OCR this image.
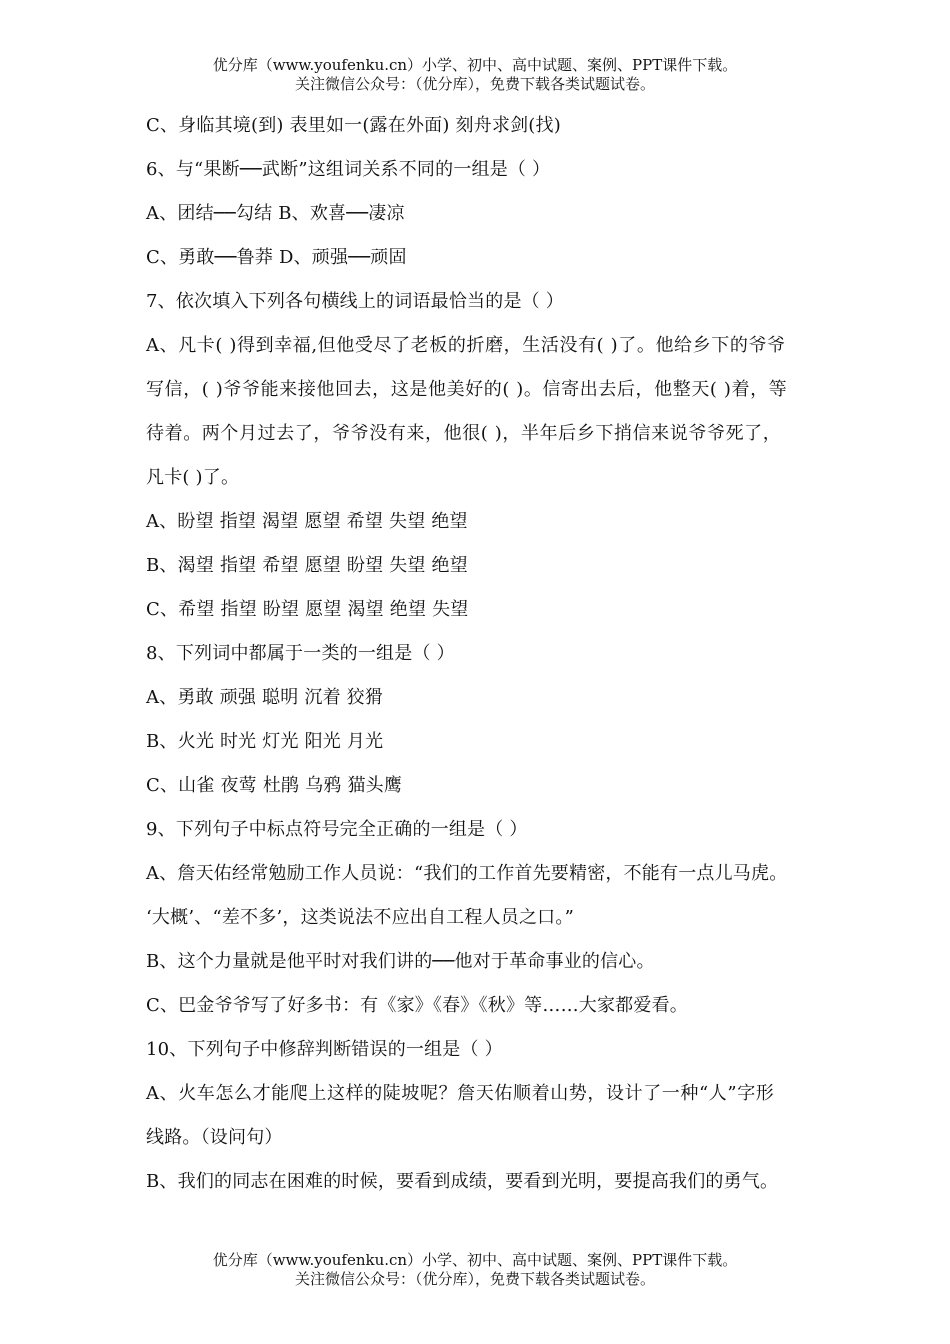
优分库（www.youfenku.cn）小学、初中、高中试题、案例、PPT课件下载。
关注微信公众号：（优分库），免费下载各类试题试卷。
C、身临其境(到) 表里如一(露在外面) 刻舟求剑(找)
6、与“果断──武断”这组词关系不同的一组是（ ）
A、团结──勾结 B、欢喜──凄凉
C、勇敢──鲁莽 D、顽强──顽固
7、依次填入下列各句横线上的词语最恰当的是（ ）
A、凡卡( )得到幸福,但他受尽了老板的折磨，生活没有( )了。他给乡下的爷爷
写信，( )爷爷能来接他回去，这是他美好的( )。信寄出去后，他整天( )着，等
待着。两个月过去了，爷爷没有来，他很( )，半年后乡下捎信来说爷爷死了，
凡卡( )了。
A、盼望 指望 渴望 愿望 希望 失望 绝望
B、渴望 指望 希望 愿望 盼望 失望 绝望
C、希望 指望 盼望 愿望 渴望 绝望 失望
8、下列词中都属于一类的一组是（ ）
A、勇敢 顽强 聪明 沉着 狡猾
B、火光 时光 灯光 阳光 月光
C、山雀 夜莺 杜鹃 乌鸦 猫头鹰
9、下列句子中标点符号完全正确的一组是（ ）
A、詹天佑经常勉励工作人员说：“我们的工作首先要精密，不能有一点儿马虎。
‘大概’、“差不多’，这类说法不应出自工程人员之口。”
B、这个力量就是他平时对我们讲的──他对于革命事业的信心。
C、巴金爷爷写了好多书：有《家》《春》《秋》等……大家都爱看。
10、下列句子中修辞判断错误的一组是（ ）
A、火车怎么才能爬上这样的陡坡呢？詹天佑顺着山势，设计了一种“人”字形
线路。（设问句）
B、我们的同志在困难的时候，要看到成绩，要看到光明，要提高我们的勇气。
优分库（www.youfenku.cn）小学、初中、高中试题、案例、PPT课件下载。
关注微信公众号：（优分库），免费下载各类试题试卷。
